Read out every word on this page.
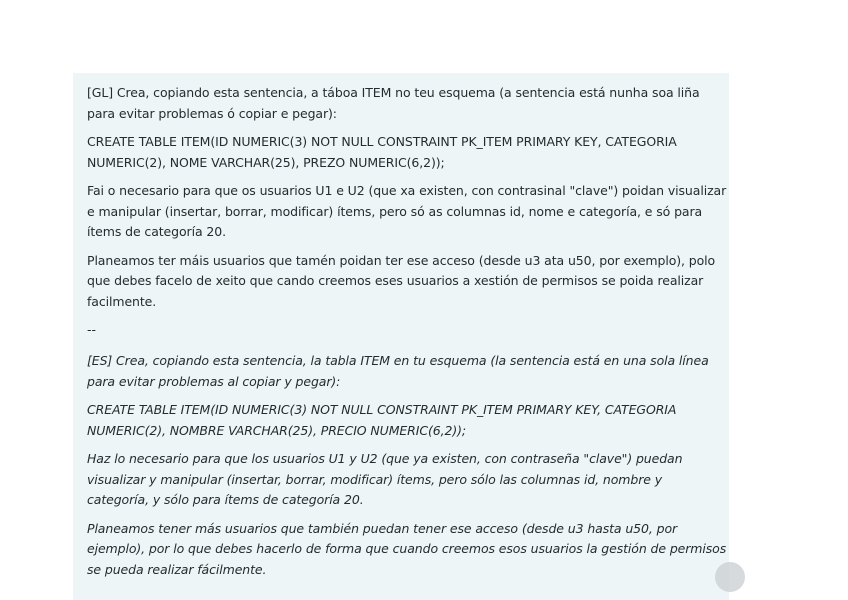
[GL] Crea, copiando esta sentencia, a táboa ITEM no teu esquema (a sentencia está nunha soa liña para evitar problemas ó copiar e pegar):

CREATE TABLE ITEM(ID NUMERIC(3) NOT NULL CONSTRAINT PK_ITEM PRIMARY KEY, CATEGORIA NUMERIC(2), NOME VARCHAR(25), PREZO NUMERIC(6,2));

Fai o necesario para que os usuarios U1 e U2 (que xa existen, con contrasinal "clave") poidan visualizar e manipular (insertar, borrar, modificar) ítems, pero só as columnas id, nome e categoría, e só para ítems de categoría 20.

Planeamos ter máis usuarios que tamén poidan ter ese acceso (desde u3 ata u50, por exemplo), polo que debes facelo de xeito que cando creemos eses usuarios a xestión de permisos se poida realizar facilmente.

--

[ES] Crea, copiando esta sentencia, la tabla ITEM en tu esquema (la sentencia está en una sola línea para evitar problemas al copiar y pegar):

CREATE TABLE ITEM(ID NUMERIC(3) NOT NULL CONSTRAINT PK_ITEM PRIMARY KEY, CATEGORIA NUMERIC(2), NOMBRE VARCHAR(25), PRECIO NUMERIC(6,2));

Haz lo necesario para que los usuarios U1 y U2 (que ya existen, con contraseña "clave") puedan visualizar y manipular (insertar, borrar, modificar) ítems, pero sólo las columnas id, nombre y categoría, y sólo para ítems de categoría 20.

Planeamos tener más usuarios que también puedan tener ese acceso (desde u3 hasta u50, por ejemplo), por lo que debes hacerlo de forma que cuando creemos esos usuarios la gestión de permisos se pueda realizar fácilmente.
